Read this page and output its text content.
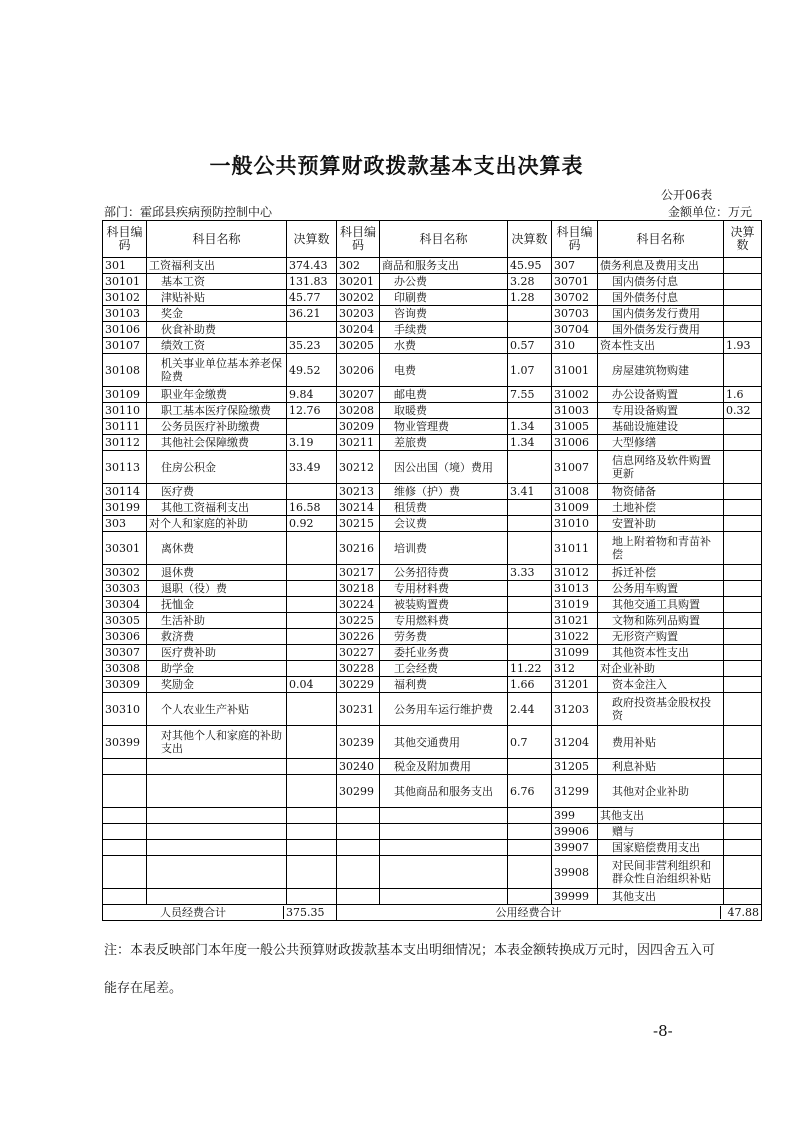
一般公共预算财政拨款基本支出决算表
公开06表
部门：霍邱县疾病预防控制中心	金额单位：万元
科目编码	科目名称	决算数	科目编码	科目名称	决算数	科目编码	科目名称	决算数
301	工资福利支出	374.43	302	商品和服务支出	45.95	307	债务利息及费用支出	
30101	基本工资	131.83	30201	办公费	3.28	30701	国内债务付息	
30102	津贴补贴	45.77	30202	印刷费	1.28	30702	国外债务付息	
30103	奖金	36.21	30203	咨询费		30703	国内债务发行费用	
30106	伙食补助费		30204	手续费		30704	国外债务发行费用	
30107	绩效工资	35.23	30205	水费	0.57	310	资本性支出	1.93
30108	机关事业单位基本养老保险费	49.52	30206	电费	1.07	31001	房屋建筑物购建	
30109	职业年金缴费	9.84	30207	邮电费	7.55	31002	办公设备购置	1.6
30110	职工基本医疗保险缴费	12.76	30208	取暖费		31003	专用设备购置	0.32
30111	公务员医疗补助缴费		30209	物业管理费	1.34	31005	基础设施建设	
30112	其他社会保障缴费	3.19	30211	差旅费	1.34	31006	大型修缮	
30113	住房公积金	33.49	30212	因公出国（境）费用		31007	信息网络及软件购置更新	
30114	医疗费		30213	维修（护）费	3.41	31008	物资储备	
30199	其他工资福利支出	16.58	30214	租赁费		31009	土地补偿	
303	对个人和家庭的补助	0.92	30215	会议费		31010	安置补助	
30301	离休费		30216	培训费		31011	地上附着物和青苗补偿	
30302	退休费		30217	公务招待费	3.33	31012	拆迁补偿	
30303	退职（役）费		30218	专用材料费		31013	公务用车购置	
30304	抚恤金		30224	被装购置费		31019	其他交通工具购置	
30305	生活补助		30225	专用燃料费		31021	文物和陈列品购置	
30306	救济费		30226	劳务费		31022	无形资产购置	
30307	医疗费补助		30227	委托业务费		31099	其他资本性支出	
30308	助学金		30228	工会经费	11.22	312	对企业补助	
30309	奖励金	0.04	30229	福利费	1.66	31201	资本金注入	
30310	个人农业生产补贴		30231	公务用车运行维护费	2.44	31203	政府投资基金股权投资	
30399	对其他个人和家庭的补助支出		30239	其他交通费用	0.7	31204	费用补贴	
			30240	税金及附加费用		31205	利息补贴	
			30299	其他商品和服务支出	6.76	31299	其他对企业补助	
						399	其他支出	
						39906	赠与	
						39907	国家赔偿费用支出	
						39908	对民间非营利组织和群众性自治组织补贴	
						39999	其他支出	

人员经费合计 375.35			公用经费合计 47.88					
注：本表反映部门本年度一般公共预算财政拨款基本支出明细情况；本表金额转换成万元时，因四舍五入可能存在尾差。
-8-
